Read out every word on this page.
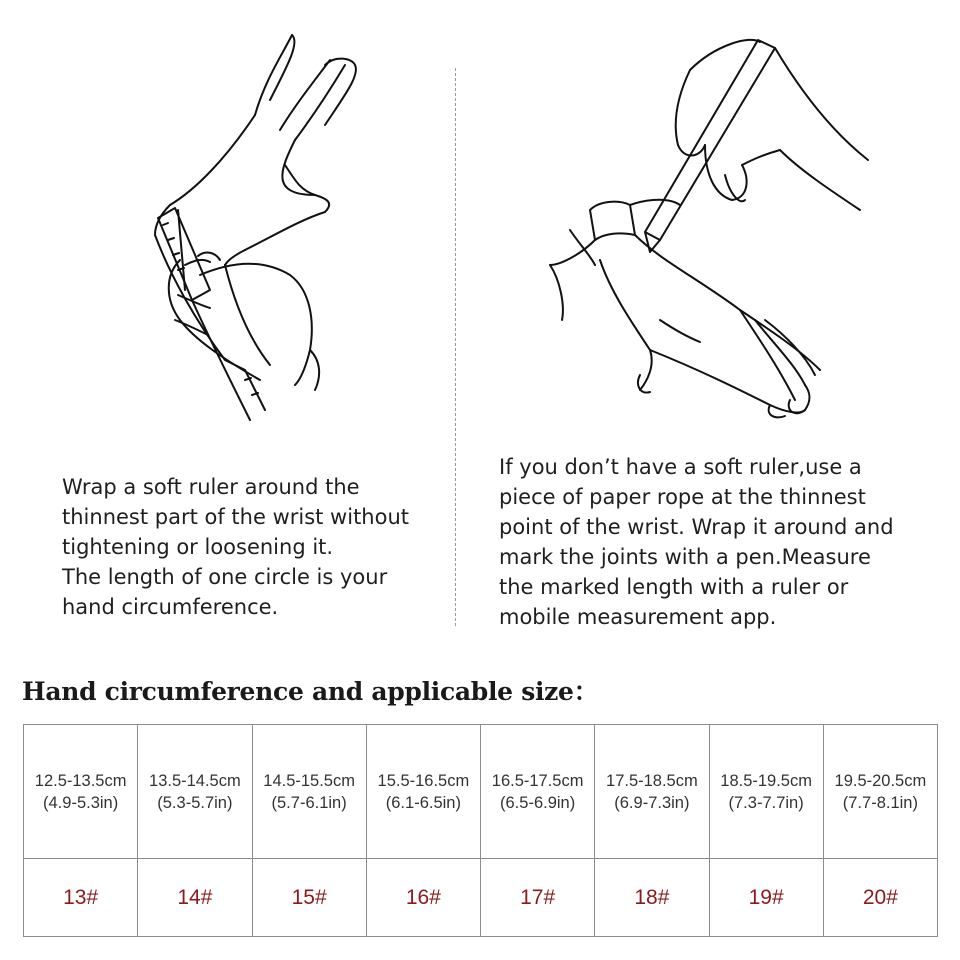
Wrap a soft ruler around the

thinnest part of the wrist without

tightening or loosening it.

The length of one circle is your

hand circumference.

If you don’t have a soft ruler,use a

piece of paper rope at the thinnest

point of the wrist. Wrap it around and

mark the joints with a pen.Measure

the marked length with a ruler or

mobile measurement app.

Hand circumference and applicable size：
12.5-13.5cm
(4.9-5.3in)	13.5-14.5cm
(5.3-5.7in)	14.5-15.5cm
(5.7-6.1in)	15.5-16.5cm
(6.1-6.5in)	16.5-17.5cm
(6.5-6.9in)	17.5-18.5cm
(6.9-7.3in)	18.5-19.5cm
(7.3-7.7in)	19.5-20.5cm
(7.7-8.1in)

13#	14#	15#	16#	17#	18#	19#	20#
